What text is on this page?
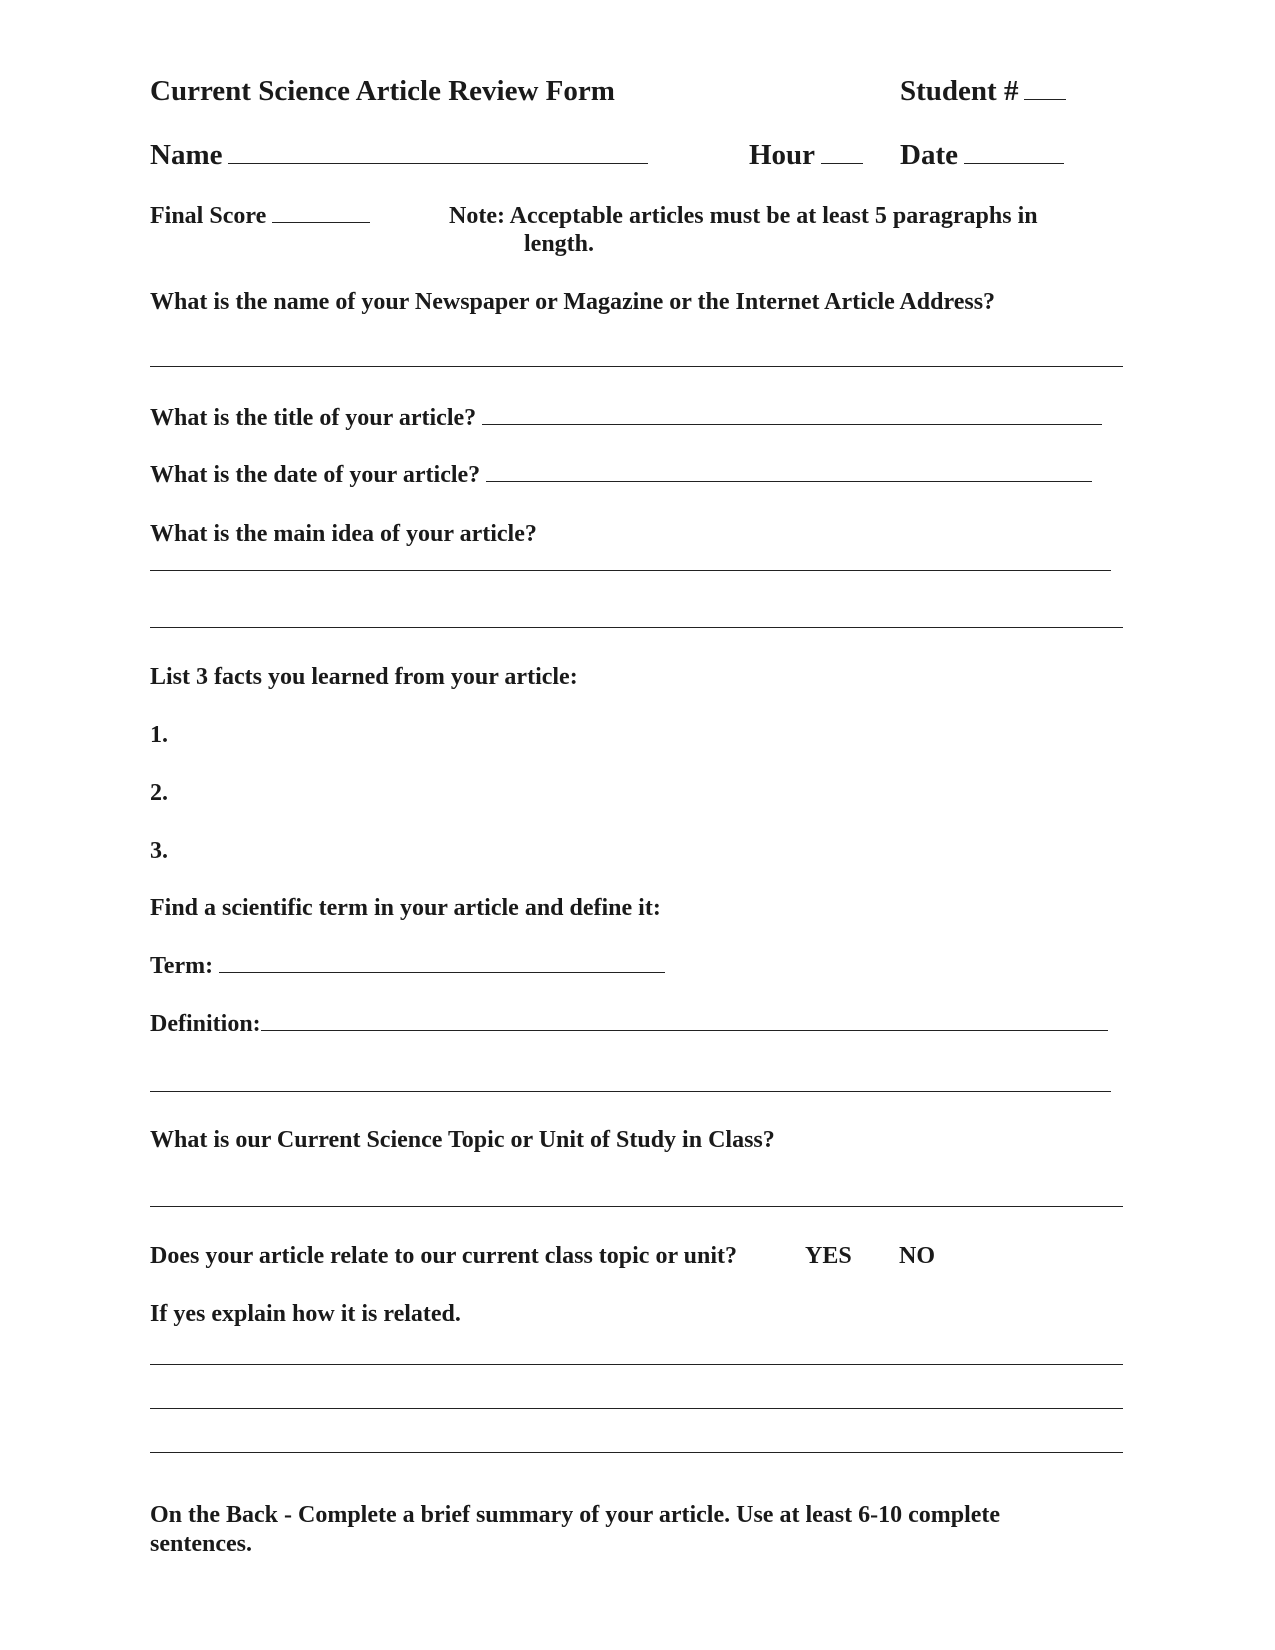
Current Science Article Review Form	Student #
Name	Hour	Date
Final Score	Note: Acceptable articles must be at least 5 paragraphs in
length.
What is the name of your Newspaper or Magazine or the Internet Article Address?
What is the title of your article?
What is the date of your article?
What is the main idea of your article?
List 3 facts you learned from your article:
1.
2.
3.
Find a scientific term in your article and define it:
Term:
Definition:
What is our Current Science Topic or Unit of Study in Class?
Does your article relate to our current class topic or unit?	YES NO
If yes explain how it is related.
On the Back - Complete a brief summary of your article. Use at least 6-10 complete
sentences.
